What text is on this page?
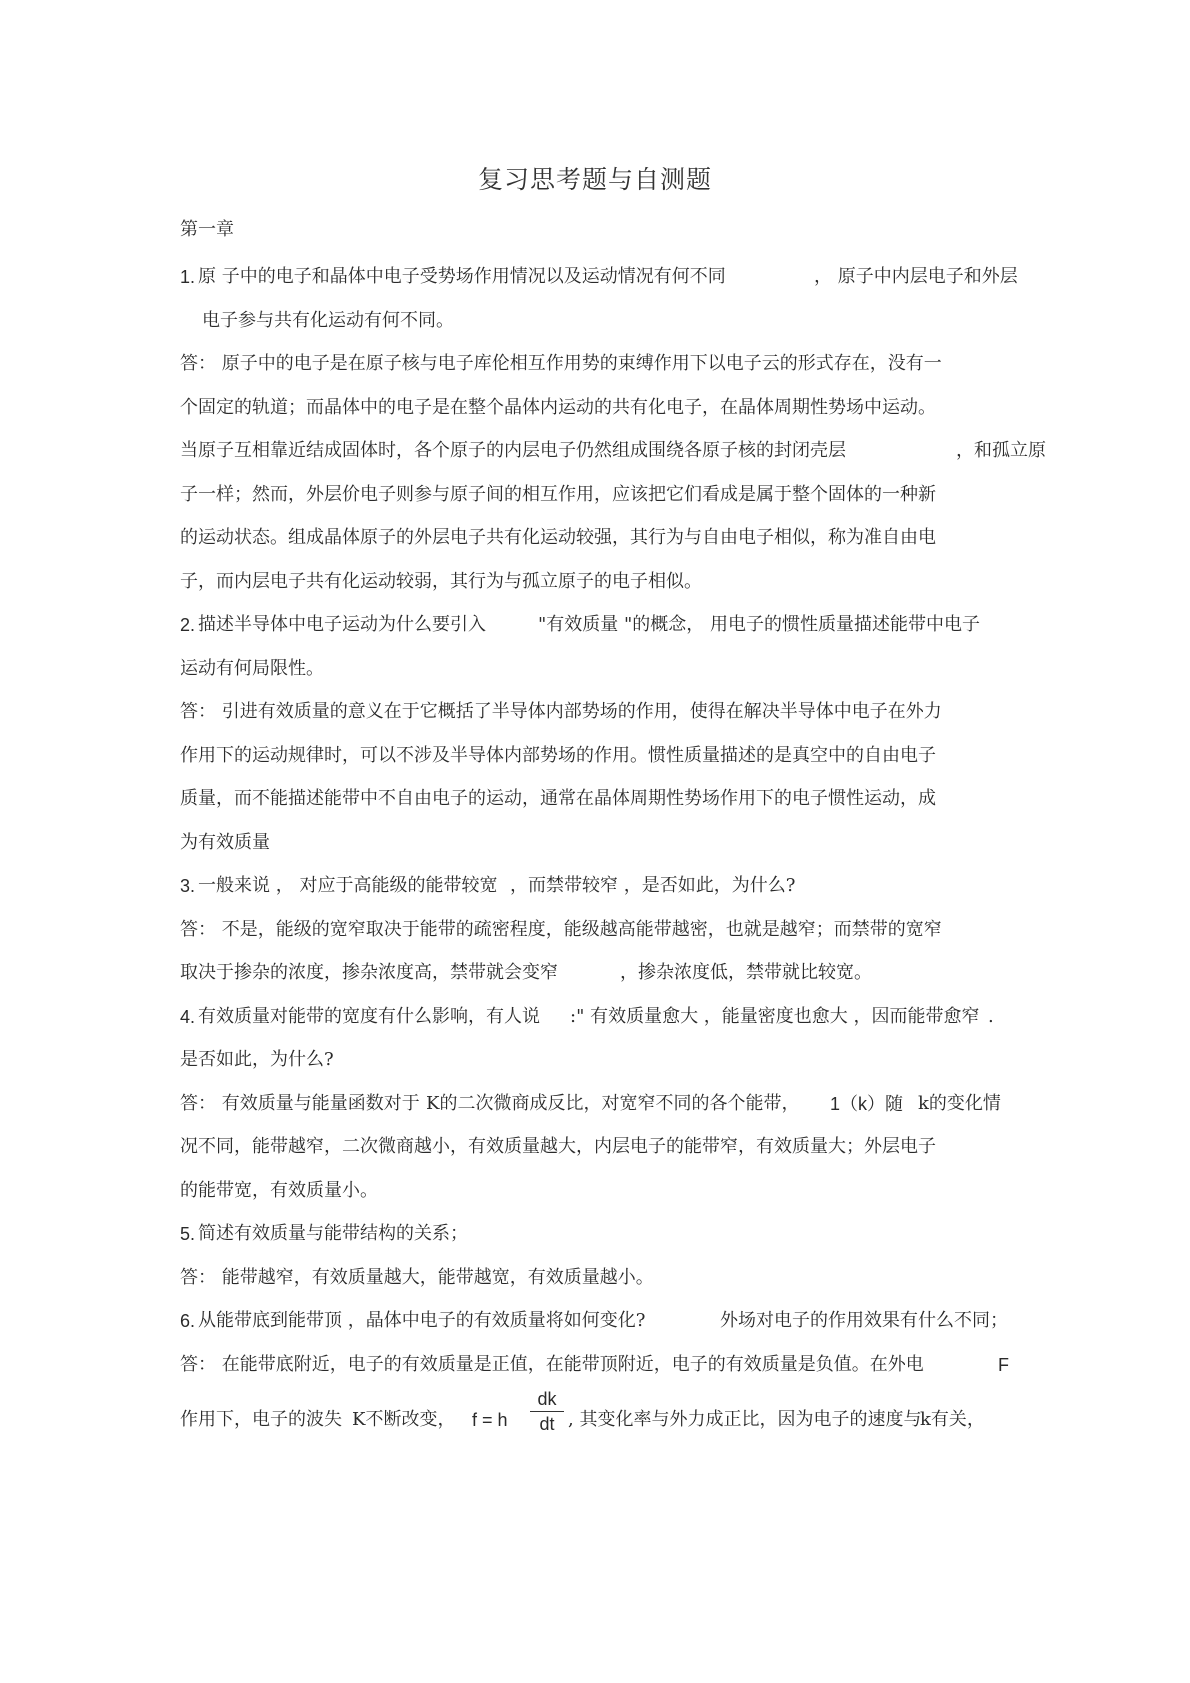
复习思考题与自测题
第一章
1. 原 子中的电子和晶体中电子受势场作用情况以及运动情况有何不同	， 原子中内层电子和外层
电子参与共有化运动有何不同。
答： 原子中的电子是在原子核与电子库伦相互作用势的束缚作用下以电子云的形式存在，没有一
个固定的轨道；而晶体中的电子是在整个晶体内运动的共有化电子，在晶体周期性势场中运动。
当原子互相靠近结成固体时，各个原子的内层电子仍然组成围绕各原子核的封闭壳层	，和孤立原
子一样；然而，外层价电子则参与原子间的相互作用，应该把它们看成是属于整个固体的一种新
的运动状态。组成晶体原子的外层电子共有化运动较强，其行为与自由电子相似，称为准自由电
子，而内层电子共有化运动较弱，其行为与孤立原子的电子相似。
2. 描述半导体中电子运动为什么要引入	"有效质量 "的概念， 用电子的惯性质量描述能带中电子
运动有何局限性。
答： 引进有效质量的意义在于它概括了半导体内部势场的作用，使得在解决半导体中电子在外力
作用下的运动规律时，可以不涉及半导体内部势场的作用。惯性质量描述的是真空中的自由电子
质量，而不能描述能带中不自由电子的运动，通常在晶体周期性势场作用下的电子惯性运动，成
为有效质量
3. 一般来说 ， 对应于高能级的能带较宽 ，而禁带较窄 ，是否如此，为什么?
答： 不是，能级的宽窄取决于能带的疏密程度，能级越高能带越密，也就是越窄；而禁带的宽窄
取决于掺杂的浓度，掺杂浓度高，禁带就会变窄	，掺杂浓度低，禁带就比较宽。
4. 有效质量对能带的宽度有什么影响，有人说 :" 有效质量愈大 ，能量密度也愈大 ，因而能带愈窄 .
是否如此，为什么?
答： 有效质量与能量函数对于 K的二次微商成反比，对宽窄不同的各个能带， 1（k）随 k的变化情
况不同，能带越窄，二次微商越小，有效质量越大，内层电子的能带窄，有效质量大；外层电子
的能带宽，有效质量小。
5. 简述有效质量与能带结构的关系；
答： 能带越窄，有效质量越大，能带越宽，有效质量越小。
6. 从能带底到能带顶 ，晶体中电子的有效质量将如何变化?	外场对电子的作用效果有什么不同；
答： 在能带底附近，电子的有效质量是正值，在能带顶附近，电子的有效质量是负值。在外电	F
作用下，电子的波失 K不断改变， f = h $\frac{dk}{dt}$ , 其变化率与外力成正比，因为电子的速度与
k有关，
